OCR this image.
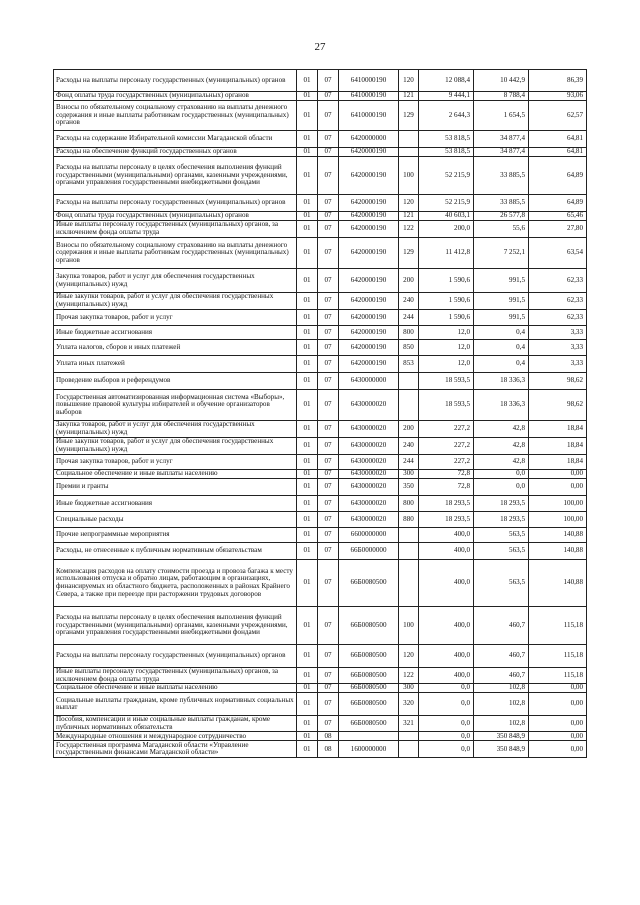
27
Расходы на выплаты персоналу государственных (муниципальных) органов	01	07	6410000190	120	12 088,4	10 442,9	86,39
Фонд оплаты труда государственных (муниципальных) органов	01	07	6410000190	121	9 444,1	8 788,4	93,06
Взносы по обязательному социальному страхованию на выплаты денежного содержания и иные выплаты работникам государственных (муниципальных) органов	01	07	6410000190	129	2 644,3	1 654,5	62,57
Расходы на содержание Избирательной комиссии Магаданской области	01	07	6420000000		53 818,5	34 877,4	64,81
Расходы на обеспечение функций государственных органов	01	07	6420000190		53 818,5	34 877,4	64,81
Расходы на выплаты персоналу в целях обеспечения выполнения функций государственными (муниципальными) органами, казенными учреждениями, органами управления государственными внебюджетными фондами	01	07	6420000190	100	52 215,9	33 885,5	64,89
Расходы на выплаты персоналу государственных (муниципальных) органов	01	07	6420000190	120	52 215,9	33 885,5	64,89
Фонд оплаты труда государственных (муниципальных) органов	01	07	6420000190	121	40 603,1	26 577,8	65,46
Иные выплаты персоналу государственных (муниципальных) органов, за исключением фонда оплаты труда	01	07	6420000190	122	200,0	55,6	27,80
Взносы по обязательному социальному страхованию на выплаты денежного содержания и иные выплаты работникам государственных (муниципальных) органов	01	07	6420000190	129	11 412,8	7 252,1	63,54
Закупка товаров, работ и услуг для обеспечения государственных (муниципальных) нужд	01	07	6420000190	200	1 590,6	991,5	62,33
Иные закупки товаров, работ и услуг для обеспечения государственных (муниципальных) нужд	01	07	6420000190	240	1 590,6	991,5	62,33
Прочая закупка товаров, работ и услуг	01	07	6420000190	244	1 590,6	991,5	62,33
Иные бюджетные ассигнования	01	07	6420000190	800	12,0	0,4	3,33
Уплата налогов, сборов и иных платежей	01	07	6420000190	850	12,0	0,4	3,33
Уплата иных платежей	01	07	6420000190	853	12,0	0,4	3,33
Проведение выборов и референдумов	01	07	6430000000		18 593,5	18 336,3	98,62
Государственная автоматизированная информационная система «Выборы», повышение правовой культуры избирателей и обучение организаторов выборов	01	07	6430000020		18 593,5	18 336,3	98,62
Закупка товаров, работ и услуг для обеспечения государственных (муниципальных) нужд	01	07	6430000020	200	227,2	42,8	18,84
Иные закупки товаров, работ и услуг для обеспечения государственных (муниципальных) нужд	01	07	6430000020	240	227,2	42,8	18,84
Прочая закупка товаров, работ и услуг	01	07	6430000020	244	227,2	42,8	18,84
Социальное обеспечение и иные выплаты населению	01	07	6430000020	300	72,8	0,0	0,00
Премии и гранты	01	07	6430000020	350	72,8	0,0	0,00
Иные бюджетные ассигнования	01	07	6430000020	800	18 293,5	18 293,5	100,00
Специальные расходы	01	07	6430000020	880	18 293,5	18 293,5	100,00
Прочие непрограммные мероприятия	01	07	6600000000		400,0	563,5	140,88
Расходы, не отнесенные к публичным нормативным обязательствам	01	07	66Б0000000		400,0	563,5	140,88
Компенсация расходов на оплату стоимости проезда и провоза багажа к месту использования отпуска и обратно лицам, работающим в организациях, финансируемых из областного бюджета, расположенных в районах Крайнего Севера, а также при переезде при расторжении трудовых договоров	01	07	66Б0080500		400,0	563,5	140,88
Расходы на выплаты персоналу в целях обеспечения выполнения функций государственными (муниципальными) органами, казенными учреждениями, органами управления государственными внебюджетными фондами	01	07	66Б0080500	100	400,0	460,7	115,18
Расходы на выплаты персоналу государственных (муниципальных) органов	01	07	66Б0080500	120	400,0	460,7	115,18
Иные выплаты персоналу государственных (муниципальных) органов, за исключением фонда оплаты труда	01	07	66Б0080500	122	400,0	460,7	115,18
Социальное обеспечение и иные выплаты населению	01	07	66Б0080500	300	0,0	102,8	0,00
Социальные выплаты гражданам, кроме публичных нормативных социальных выплат	01	07	66Б0080500	320	0,0	102,8	0,00
Пособия, компенсации и иные социальные выплаты гражданам, кроме публичных нормативных обязательств	01	07	66Б0080500	321	0,0	102,8	0,00
Международные отношения и международное сотрудничество	01	08			0,0	350 848,9	0,00
Государственная программа Магаданской области «Управление государственными финансами Магаданской области»	01	08	1600000000		0,0	350 848,9	0,00
